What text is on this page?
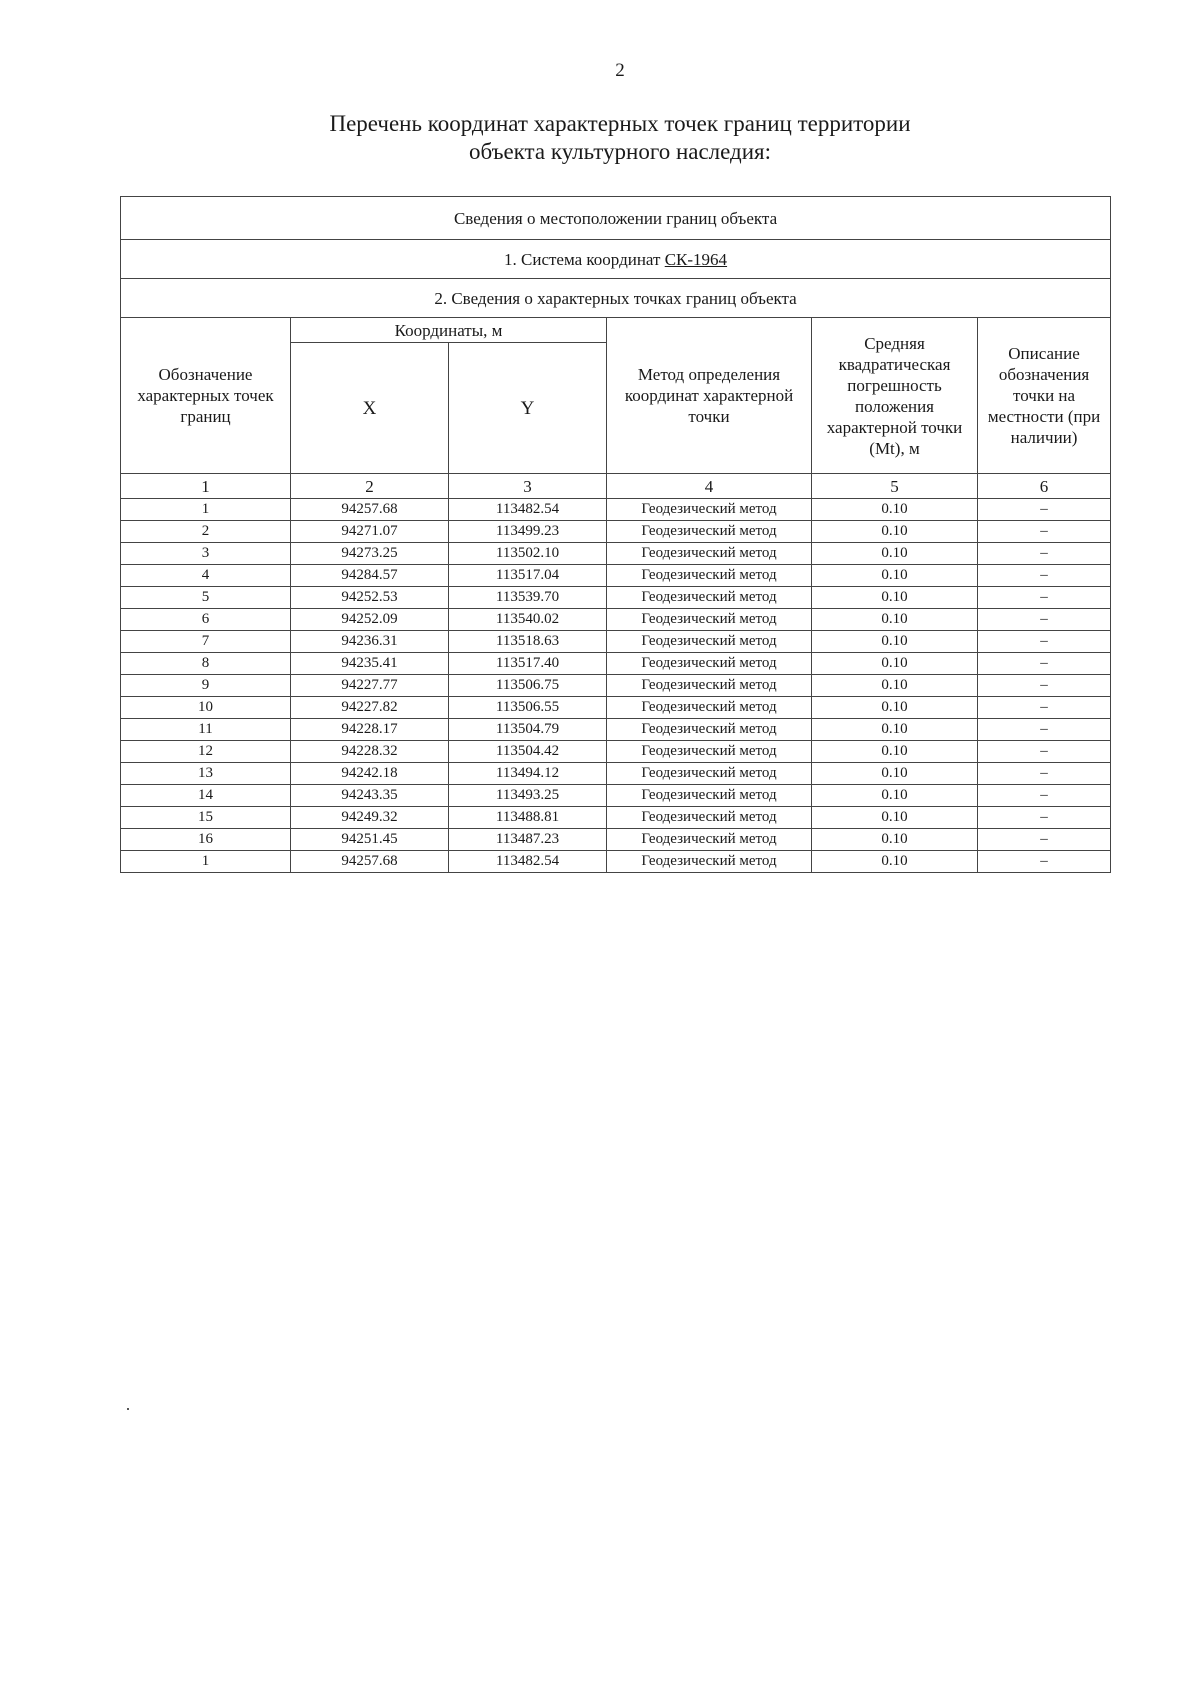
2
Перечень координат характерных точек границ территории
объекта культурного наследия:
Сведения о местоположении границ объекта					
1. Система координат СК-1964					
2. Сведения о характерных точках границ объекта					
Обозначение характерных точек границ	Координаты, м		Метод определения координат характерной точки	Средняя квадратическая погрешность положения характерной точки (Mt), м	Описание обозначения точки на местности (при наличии)
	X	Y			
1	2	3	4	5	6
1	94257.68	113482.54	Геодезический метод	0.10	–
2	94271.07	113499.23	Геодезический метод	0.10	–
3	94273.25	113502.10	Геодезический метод	0.10	–
4	94284.57	113517.04	Геодезический метод	0.10	–
5	94252.53	113539.70	Геодезический метод	0.10	–
6	94252.09	113540.02	Геодезический метод	0.10	–
7	94236.31	113518.63	Геодезический метод	0.10	–
8	94235.41	113517.40	Геодезический метод	0.10	–
9	94227.77	113506.75	Геодезический метод	0.10	–
10	94227.82	113506.55	Геодезический метод	0.10	–
11	94228.17	113504.79	Геодезический метод	0.10	–
12	94228.32	113504.42	Геодезический метод	0.10	–
13	94242.18	113494.12	Геодезический метод	0.10	–
14	94243.35	113493.25	Геодезический метод	0.10	–
15	94249.32	113488.81	Геодезический метод	0.10	–
16	94251.45	113487.23	Геодезический метод	0.10	–
1	94257.68	113482.54	Геодезический метод	0.10	–
